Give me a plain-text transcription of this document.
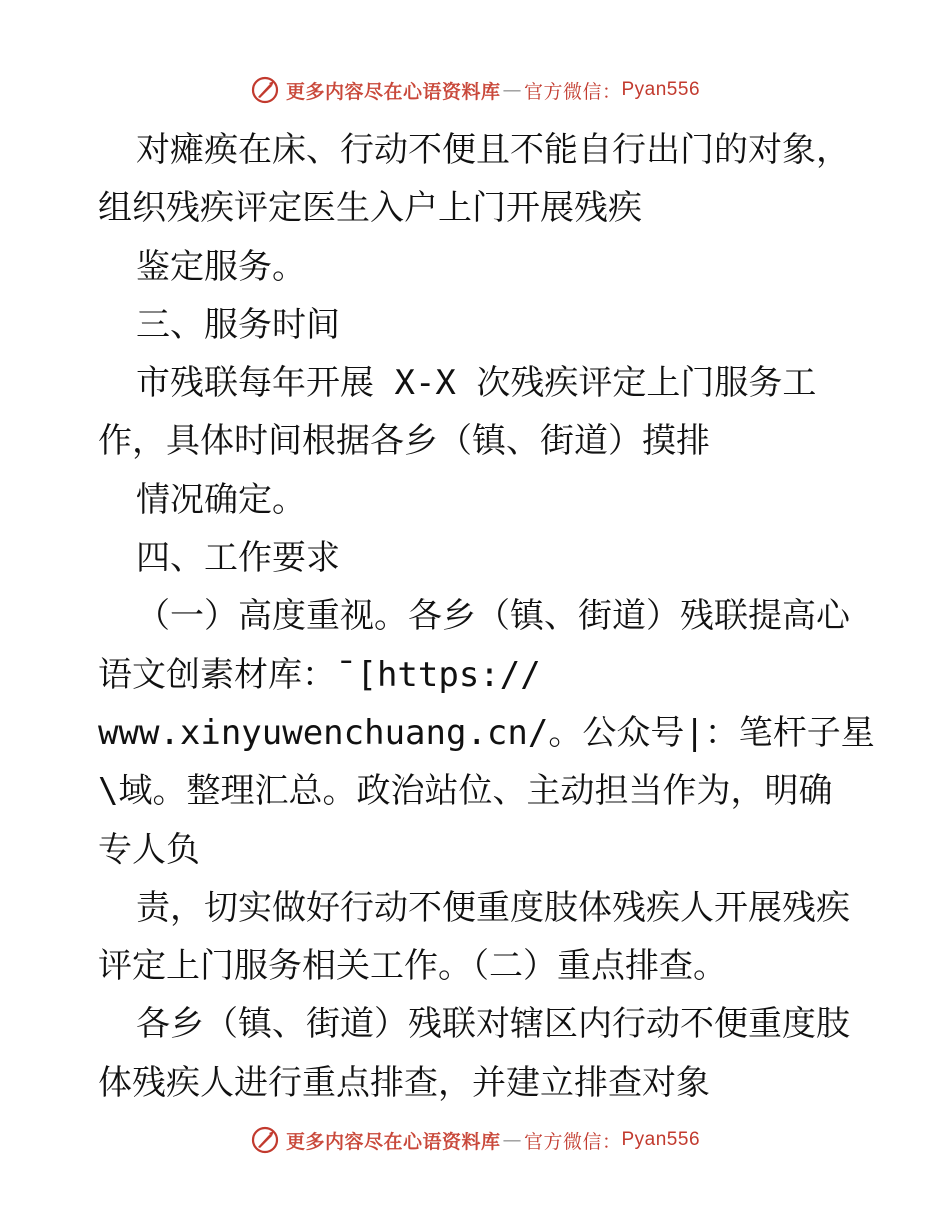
更多内容尽在心语资料库 — 官方微信： Pyan556
对瘫痪在床、行动不便且不能自行出门的对象，
组织残疾评定医生入户上门开展残疾
鉴定服务。
三、服务时间
市残联每年开展 X-X 次残疾评定上门服务工
作，具体时间根据各乡（镇、街道）摸排
情况确定。
四、工作要求
（一）高度重视。各乡（镇、街道）残联提高心
语文创素材库：¯[https://
www.xinyuwenchuang.cn/。公众号|：笔杆子星
\域。整理汇总。政治站位、主动担当作为，明确
专人负
责，切实做好行动不便重度肢体残疾人开展残疾
评定上门服务相关工作。（二）重点排查。
各乡（镇、街道）残联对辖区内行动不便重度肢
体残疾人进行重点排查，并建立排查对象
更多内容尽在心语资料库 — 官方微信： Pyan556
